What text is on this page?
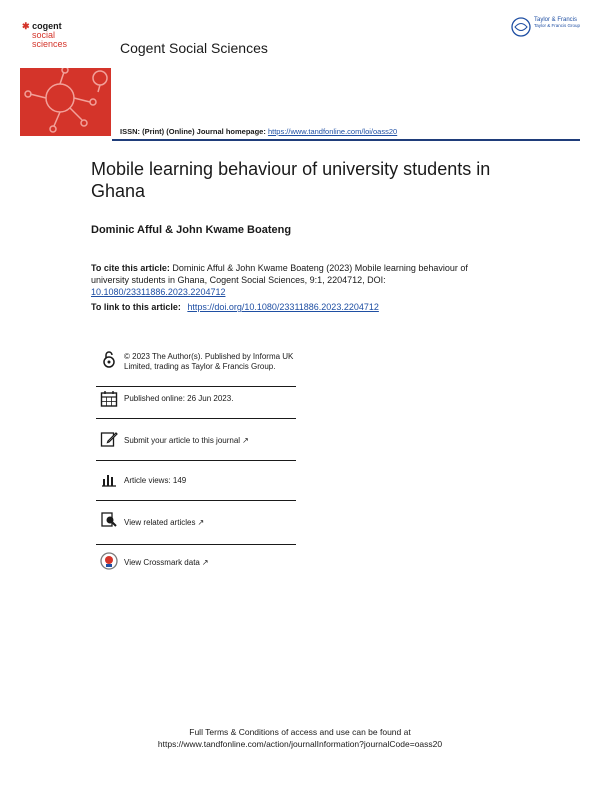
✱ cogent
social
sciences	Cogent Social Sciences
Taylor & Francis
Taylor & Francis Group
ISSN: (Print) (Online) Journal homepage: https://www.tandfonline.com/loi/oass20
Mobile learning behaviour of university students in Ghana
Dominic Afful & John Kwame Boateng
To cite this article: Dominic Afful & John Kwame Boateng (2023) Mobile learning behaviour of university students in Ghana, Cogent Social Sciences, 9:1, 2204712, DOI: 10.1080/23311886.2023.2204712
To link to this article: https://doi.org/10.1080/23311886.2023.2204712
© 2023 The Author(s). Published by Informa UK Limited, trading as Taylor & Francis Group.
Published online: 26 Jun 2023.
Submit your article to this journal ↗
Article views: 149
View related articles ↗
View Crossmark data ↗
Full Terms & Conditions of access and use can be found at
https://www.tandfonline.com/action/journalInformation?journalCode=oass20
